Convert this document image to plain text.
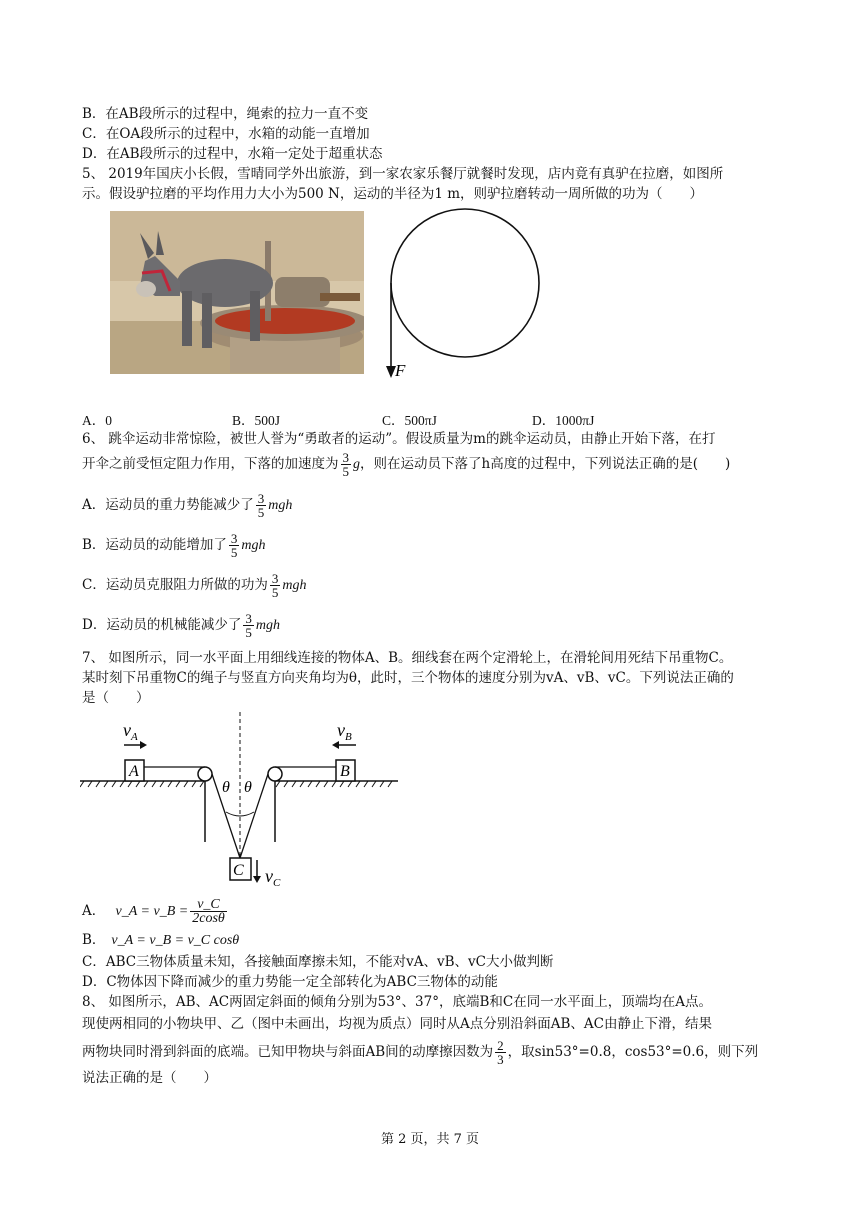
B．在AB段所示的过程中，绳索的拉力一直不变
C．在OA段所示的过程中，水箱的动能一直增加
D．在AB段所示的过程中，水箱一定处于超重状态
5、 2019年国庆小长假，雪晴同学外出旅游，到一家农家乐餐厅就餐时发现，店内竟有真驴在拉磨，如图所
示。假设驴拉磨的平均作用力大小为500 N，运动的半径为1 m，则驴拉磨转动一周所做的功为（　　）
F
A．0	B．500J	C．500πJ	D．1000πJ
6、 跳伞运动非常惊险，被世人誉为“勇敢者的运动”。假设质量为m的跳伞运动员，由静止开始下落，在打
开伞之前受恒定阻力作用，下落的加速度为 $\frac{3}{5}$ g，则在运动员下落了h高度的过程中，下列说法正确的是(　　)
A．运动员的重力势能减少了 $\frac{3}{5}$ mgh
B．运动员的动能增加了 $\frac{3}{5}$ mgh
C．运动员克服阻力所做的功为 $\frac{3}{5}$ mgh
D．运动员的机械能减少了 $\frac{3}{5}$ mgh
7、 如图所示，同一水平面上用细线连接的物体A、B。细线套在两个定滑轮上，在滑轮间用死结下吊重物C。
某时刻下吊重物C的绳子与竖直方向夹角均为θ，此时，三个物体的速度分别为vA、vB、vC。下列说法正确的
是（　　）
A	B
θ θ
C
$v_A$	$v_B$
$v_C$
A． v_A = v_B = $\frac{v\_C}{2\cos\theta}$
B． v_A = v_B = v_C cosθ
C．ABC三物体质量未知，各接触面摩擦未知，不能对vA、vB、vC大小做判断
D．C物体因下降而减少的重力势能一定全部转化为ABC三物体的动能
8、 如图所示，AB、AC两固定斜面的倾角分别为53°、37°，底端B和C在同一水平面上，顶端均在A点。
现使两相同的小物块甲、乙（图中未画出，均视为质点）同时从A点分别沿斜面AB、AC由静止下滑，结果
两物块同时滑到斜面的底端。已知甲物块与斜面AB间的动摩擦因数为 $\frac{2}{3}$ ，取sin53°=0.8，cos53°=0.6，则下列
说法正确的是（　　）
第 2 页，共 7 页
